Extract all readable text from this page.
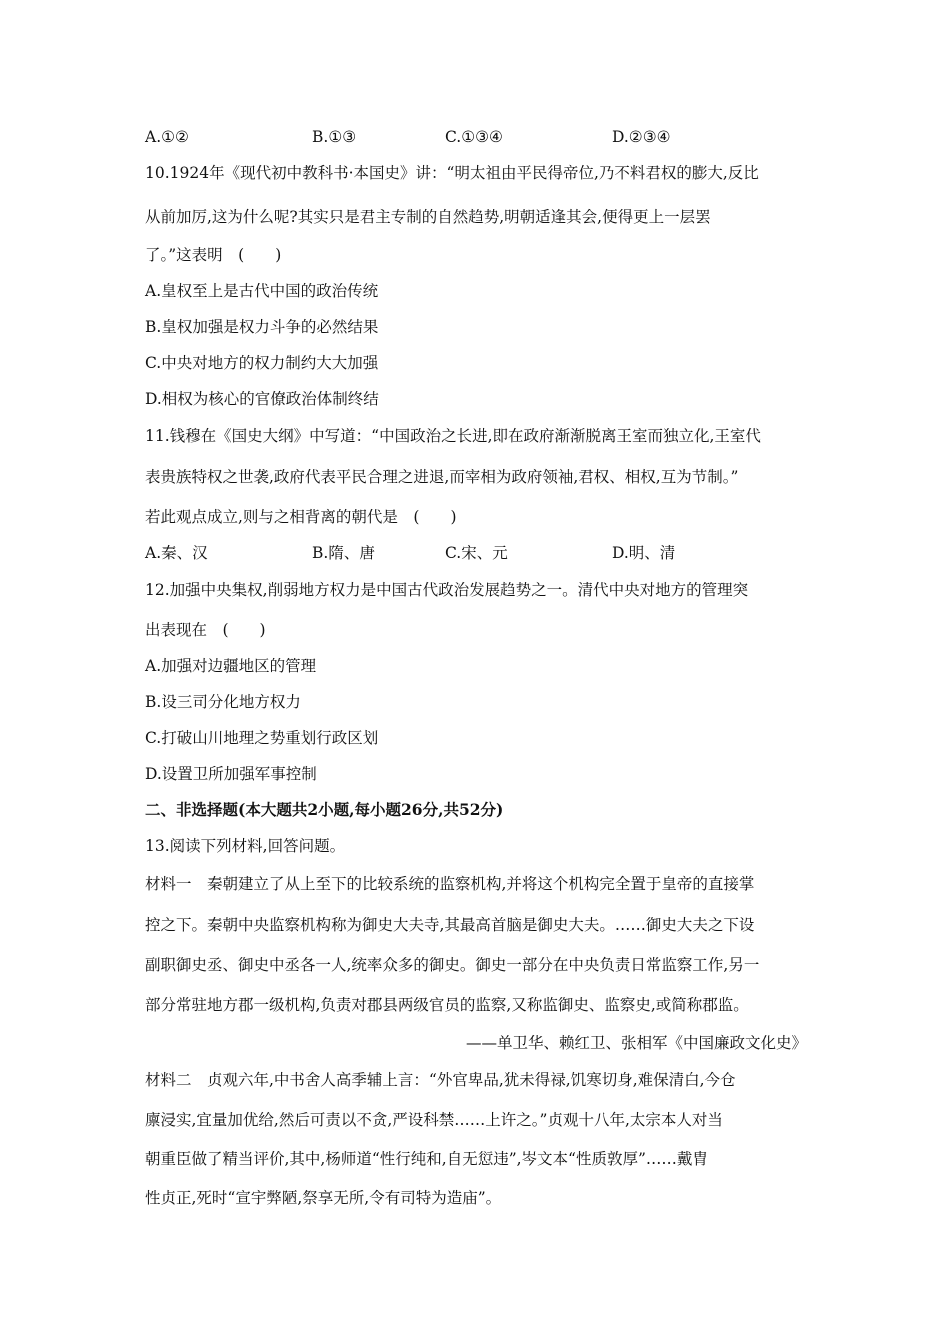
A.①②	B.①③	C.①③④	D.②③④
10.1924年《现代初中教科书·本国史》讲：“明太祖由平民得帝位,乃不料君权的膨大,反比
从前加厉,这为什么呢?其实只是君主专制的自然趋势,明朝适逢其会,便得更上一层罢
了。”这表明　(　　)
A.皇权至上是古代中国的政治传统
B.皇权加强是权力斗争的必然结果
C.中央对地方的权力制约大大加强
D.相权为核心的官僚政治体制终结
11.钱穆在《国史大纲》中写道：“中国政治之长进,即在政府渐渐脱离王室而独立化,王室代
表贵族特权之世袭,政府代表平民合理之进退,而宰相为政府领袖,君权、相权,互为节制。”
若此观点成立,则与之相背离的朝代是　(　　)
A.秦、汉	B.隋、唐	C.宋、元	D.明、清
12.加强中央集权,削弱地方权力是中国古代政治发展趋势之一。清代中央对地方的管理突
出表现在　(　　)
A.加强对边疆地区的管理
B.设三司分化地方权力
C.打破山川地理之势重划行政区划
D.设置卫所加强军事控制
二、非选择题(本大题共2小题,每小题26分,共52分)
13.阅读下列材料,回答问题。
材料一　秦朝建立了从上至下的比较系统的监察机构,并将这个机构完全置于皇帝的直接掌
控之下。秦朝中央监察机构称为御史大夫寺,其最高首脑是御史大夫。……御史大夫之下设
副职御史丞、御史中丞各一人,统率众多的御史。御史一部分在中央负责日常监察工作,另一
部分常驻地方郡一级机构,负责对郡县两级官员的监察,又称监御史、监察史,或简称郡监。
——单卫华、赖红卫、张相军《中国廉政文化史》
材料二　贞观六年,中书舍人高季辅上言：“外官卑品,犹未得禄,饥寒切身,难保清白,今仓
廪浸实,宜量加优给,然后可责以不贪,严设科禁……上许之。”贞观十八年,太宗本人对当
朝重臣做了精当评价,其中,杨师道“性行纯和,自无愆违”,岑文本“性质敦厚”……戴胄
性贞正,死时“宣宇弊陋,祭享无所,令有司特为造庙”。
